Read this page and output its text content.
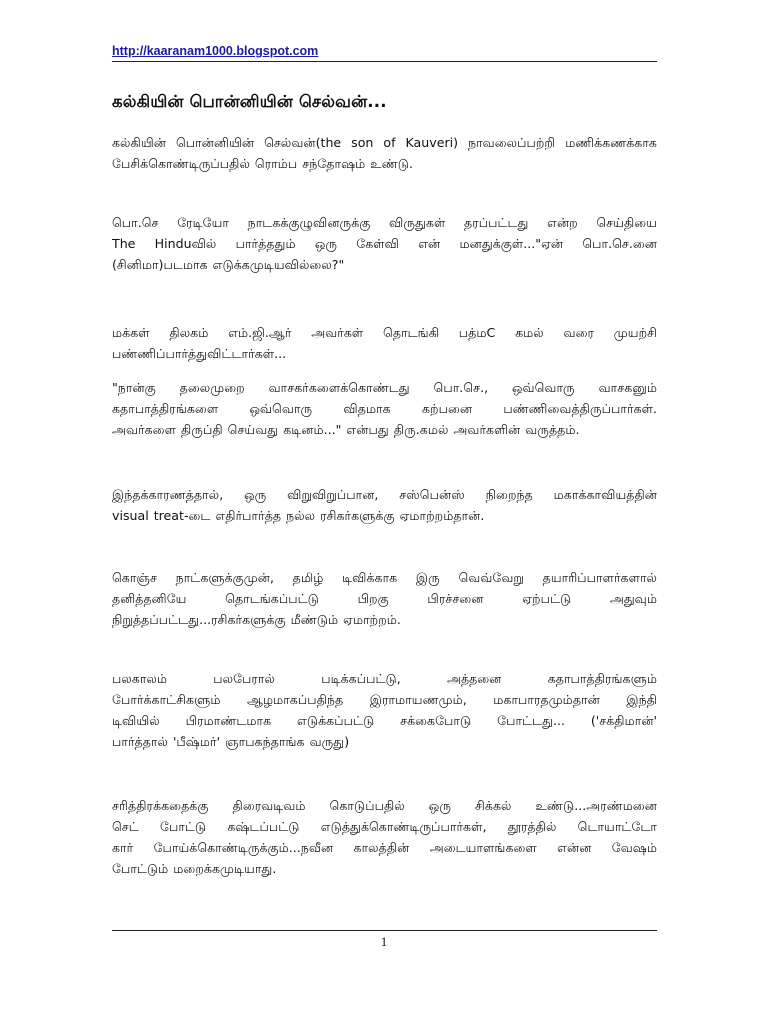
http://kaaranam1000.blogspot.com
கல்கியின் பொன்னியின் செல்வன்...

கல்கியின் பொன்னியின் செல்வன்(the son of Kauveri) நாவலைப்பற்றி மணிக்கணக்காக
பேசிக்கொண்டிருப்பதில் ரொம்ப சந்தோஷம் உண்டு.

பொ.செ ரேடியோ நாடகக்குழுவினருக்கு விருதுகள் தரப்பட்டது என்ற செய்தியை
The Hinduவில் பார்த்ததும் ஒரு கேள்வி என் மனதுக்குள்..."ஏன் பொ.செ.னை
(சினிமா)படமாக எடுக்கமுடியவில்லை?"

மக்கள் திலகம் எம்.ஜி.ஆர் அவர்கள் தொடங்கி பத்மC கமல் வரை முயற்சி
பண்ணிப்பார்த்துவிட்டார்கள்...

"நான்கு தலைமுறை வாசகர்களைக்கொண்டது பொ.செ., ஒவ்வொரு வாசகனும்
கதாபாத்திரங்களை ஒவ்வொரு விதமாக கற்பனை பண்ணிவைத்திருப்பார்கள்.
அவர்களை திருப்தி செய்வது கடினம்..." என்பது திரு.கமல் அவர்களின் வருத்தம்.

இந்தக்காரணத்தால், ஒரு விறுவிறுப்பான, சஸ்பென்ஸ் நிறைந்த மகாக்காவியத்தின்
visual treat-டை எதிர்பார்த்த நல்ல ரசிகர்களுக்கு ஏமாற்றம்தான்.

கொஞ்ச நாட்களுக்குமுன், தமிழ் டிவிக்காக இரு வெவ்வேறு தயாரிப்பாளர்களால்
தனித்தனியே தொடங்கப்பட்டு பிறகு பிரச்சனை ஏற்பட்டு அதுவும்
நிறுத்தப்பட்டது...ரசிகர்களுக்கு மீண்டும் ஏமாற்றம்.

பலகாலம் பலபேரால் படிக்கப்பட்டு, அத்தனை கதாபாத்திரங்களும்
போர்க்காட்சிகளும் ஆழமாகப்பதிந்த இராமாயணமும், மகாபாரதமும்தான் இந்தி
டிவியில் பிரமாண்டமாக எடுக்கப்பட்டு சக்கைபோடு போட்டது... ('சக்திமான்'
பார்த்தால் 'பீஷ்மர்' ஞாபகந்தாங்க வருது)

சரித்திரக்கதைக்கு திரைவடிவம் கொடுப்பதில் ஒரு சிக்கல் உண்டு...அரண்மனை
செட் போட்டு கஷ்டப்பட்டு எடுத்துக்கொண்டிருப்பார்கள், தூரத்தில் டொயாட்டோ
கார் போய்க்கொண்டிருக்கும்...நவீன காலத்தின் அடையாளங்களை என்ன வேஷம்
போட்டும் மறைக்கமுடியாது.

1
